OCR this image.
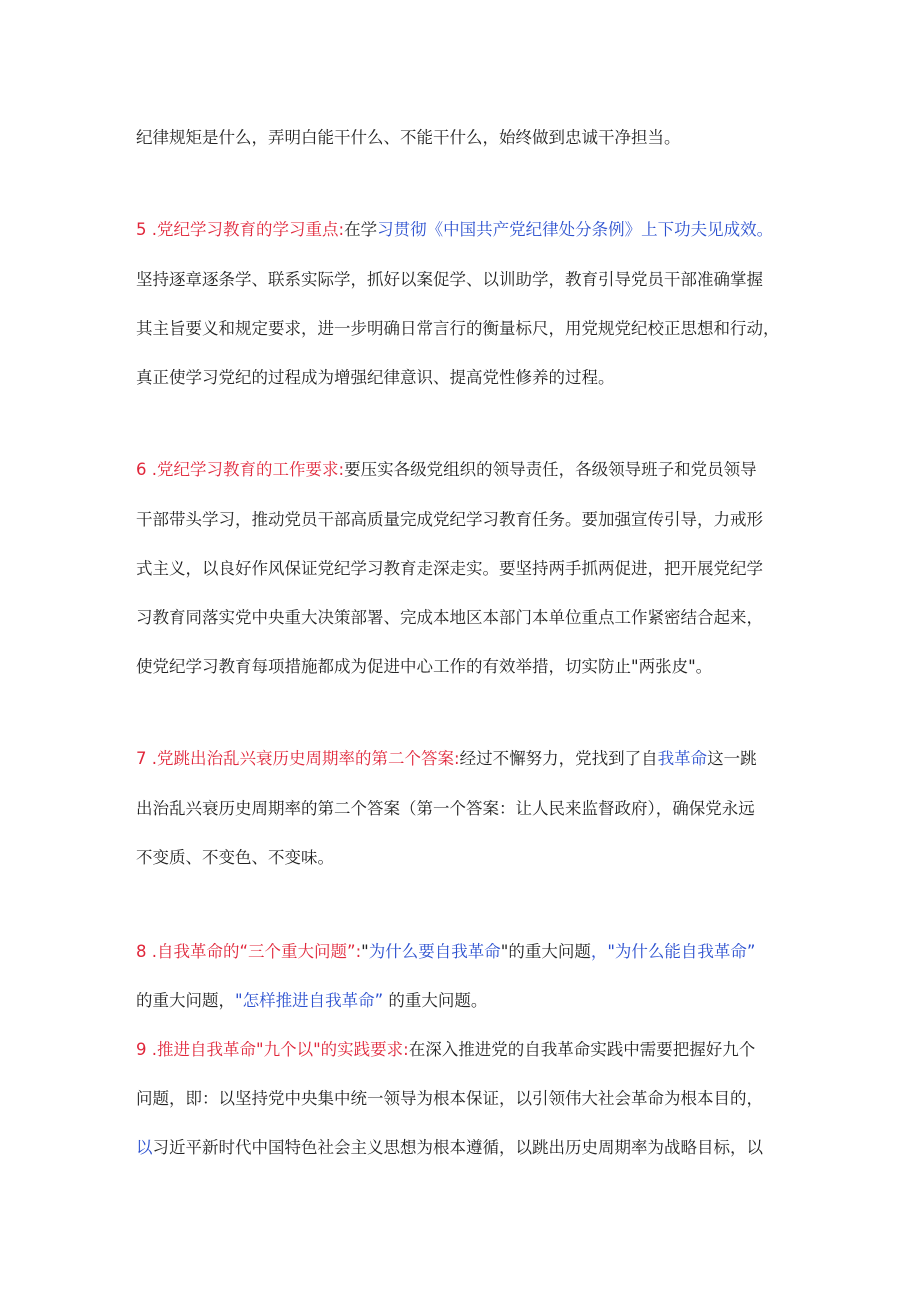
纪律规矩是什么，弄明白能干什么、不能干什么，始终做到忠诚干净担当。
5 .党纪学习教育的学习重点:在学习贯彻《中国共产党纪律处分条例》上下功夫见成效。
坚持逐章逐条学、联系实际学，抓好以案促学、以训助学，教育引导党员干部准确掌握
其主旨要义和规定要求，进一步明确日常言行的衡量标尺，用党规党纪校正思想和行动，
真正使学习党纪的过程成为增强纪律意识、提高党性修养的过程。
6 .党纪学习教育的工作要求:要压实各级党组织的领导责任，各级领导班子和党员领导
干部带头学习，推动党员干部高质量完成党纪学习教育任务。要加强宣传引导，力戒形
式主义，以良好作风保证党纪学习教育走深走实。要坚持两手抓两促进，把开展党纪学
习教育同落实党中央重大决策部署、完成本地区本部门本单位重点工作紧密结合起来，
使党纪学习教育每项措施都成为促进中心工作的有效举措，切实防止"两张皮"。
7 .党跳出治乱兴衰历史周期率的第二个答案:经过不懈努力，党找到了自我革命这一跳
出治乱兴衰历史周期率的第二个答案（第一个答案：让人民来监督政府），确保党永远
不变质、不变色、不变味。
8 .自我革命的“三个重大问题”:"为什么要自我革命"的重大问题，"为什么能自我革命”
的重大问题，"怎样推进自我革命” 的重大问题。
9 .推进自我革命"九个以"的实践要求:在深入推进党的自我革命实践中需要把握好九个
问题，即：以坚持党中央集中统一领导为根本保证，以引领伟大社会革命为根本目的，
以习近平新时代中国特色社会主义思想为根本遵循，以跳出历史周期率为战略目标，以
